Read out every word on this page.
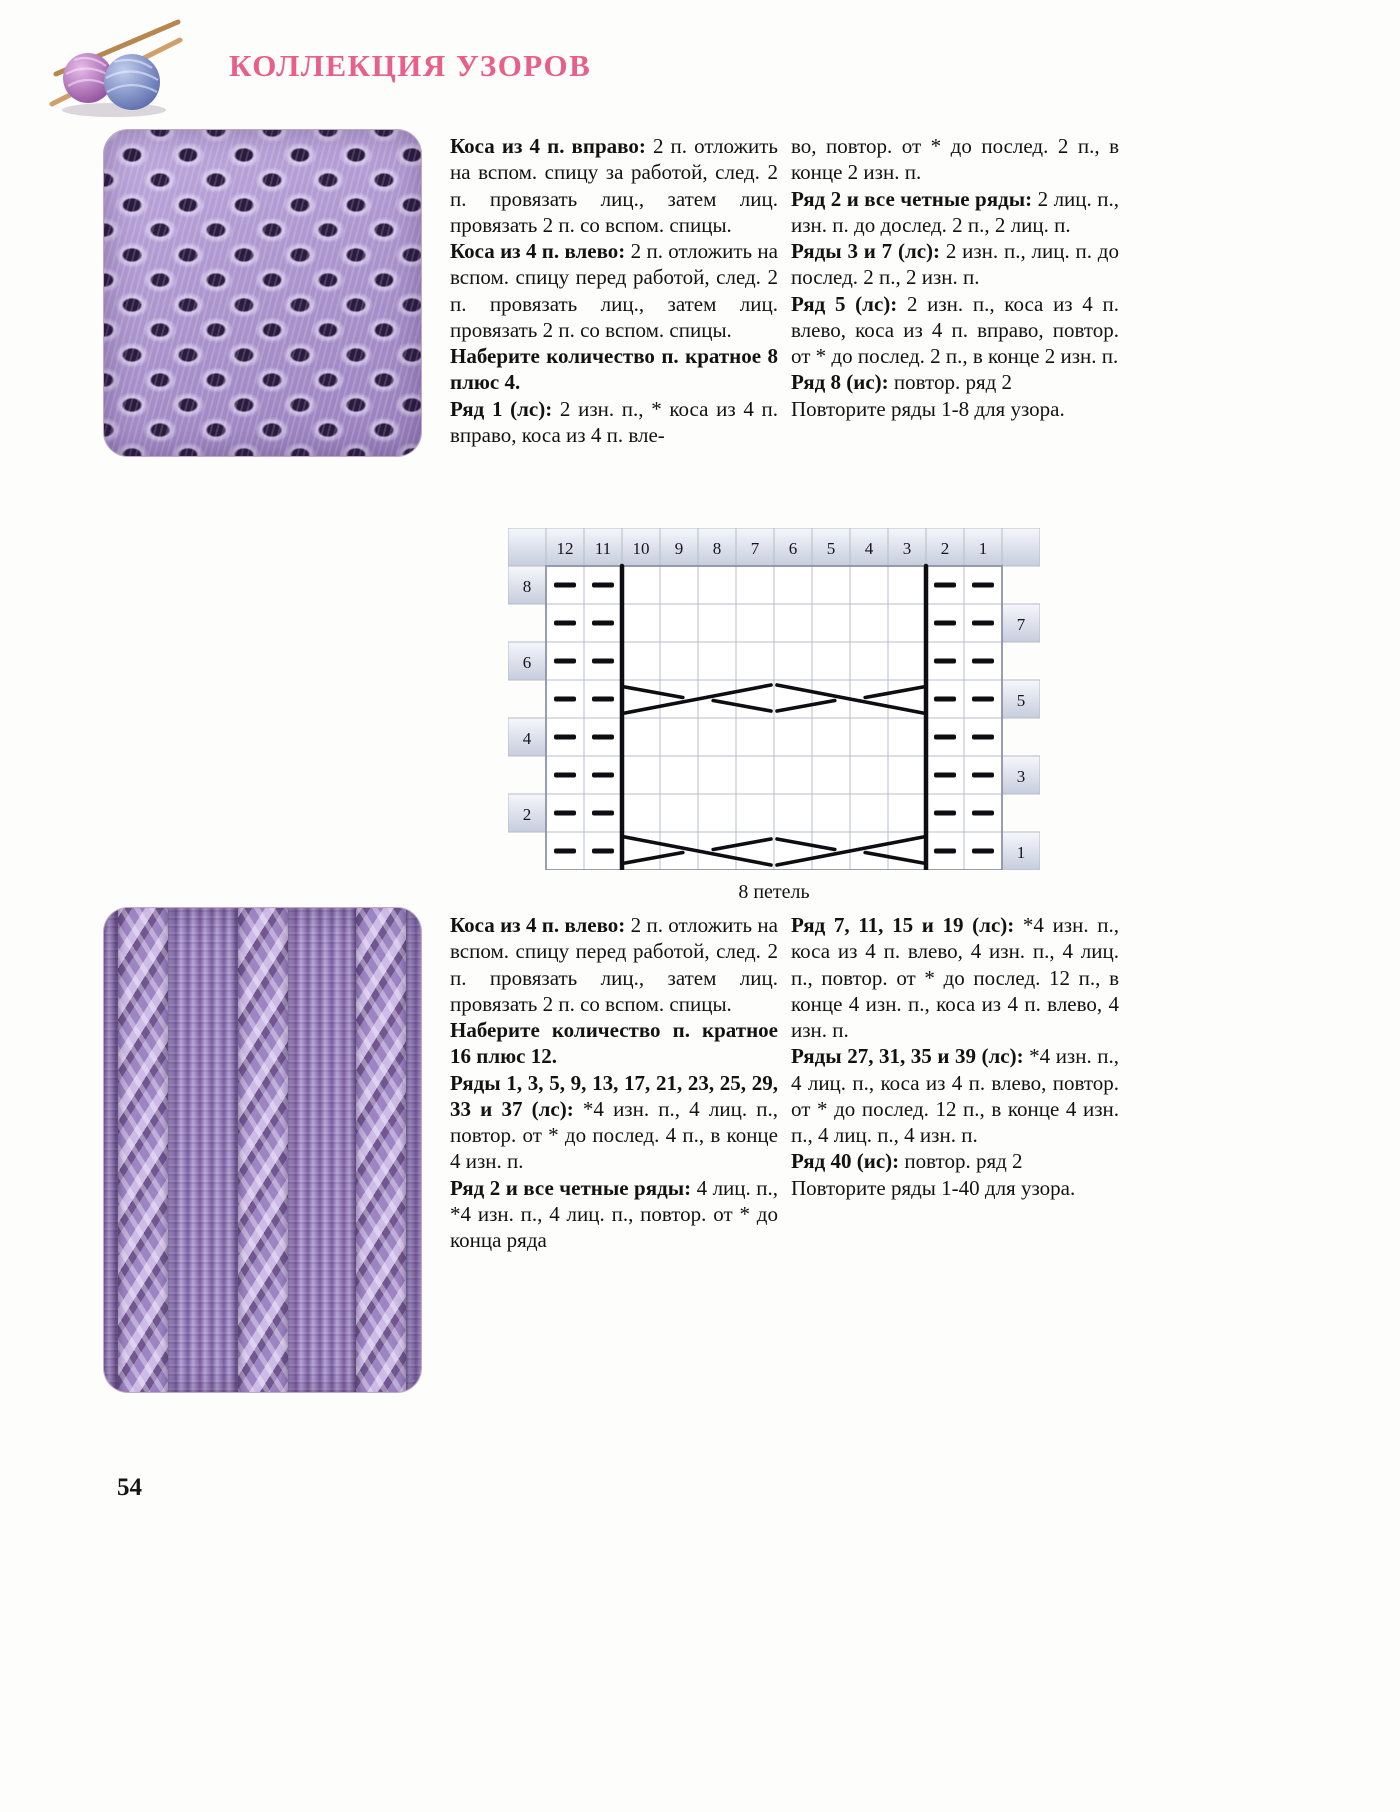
КОЛЛЕКЦИЯ УЗОРОВ

Коса из 4 п. вправо: 2 п. отложить на вспом. спицу за работой, след. 2 п. провязать лиц., затем лиц. провязать 2 п. со вспом. спицы.

Коса из 4 п. влево: 2 п. отложить на вспом. спицу перед работой, след. 2 п. провязать лиц., затем лиц. провязать 2 п. со вспом. спицы.

Наберите количество п. кратное 8 плюс 4.

Ряд 1 (лс): 2 изн. п., * коса из 4 п. вправо, коса из 4 п. вле-

во, повтор. от * до послед. 2 п., в конце 2 изн. п.

Ряд 2 и все четные ряды: 2 лиц. п., изн. п. до дослед. 2 п., 2 лиц. п.

Ряды 3 и 7 (лс): 2 изн. п., лиц. п. до послед. 2 п., 2 изн. п.

Ряд 5 (лс): 2 изн. п., коса из 4 п. влево, коса из 4 п. вправо, повтор. от * до послед. 2 п., в конце 2 изн. п.

Ряд 8 (ис): повтор. ряд 2

Повторите ряды 1-8 для узора.

12 11 10 9 8 7 6 5 4 3 2 1
8
7
6
5
4
3
2
1
8 петель

Коса из 4 п. влево: 2 п. отложить на вспом. спицу перед работой, след. 2 п. провязать лиц., затем лиц. провязать 2 п. со вспом. спицы.

Наберите количество п. кратное 16 плюс 12.

Ряды 1, 3, 5, 9, 13, 17, 21, 23, 25, 29, 33 и 37 (лс): *4 изн. п., 4 лиц. п., повтор. от * до послед. 4 п., в конце 4 изн. п.

Ряд 2 и все четные ряды: 4 лиц. п., *4 изн. п., 4 лиц. п., повтор. от * до конца ряда

Ряд 7, 11, 15 и 19 (лс): *4 изн. п., коса из 4 п. влево, 4 изн. п., 4 лиц. п., повтор. от * до послед. 12 п., в конце 4 изн. п., коса из 4 п. влево, 4 изн. п.

Ряды 27, 31, 35 и 39 (лс): *4 изн. п., 4 лиц. п., коса из 4 п. влево, повтор. от * до послед. 12 п., в конце 4 изн. п., 4 лиц. п., 4 изн. п.

Ряд 40 (ис): повтор. ряд 2

Повторите ряды 1-40 для узора.

54
